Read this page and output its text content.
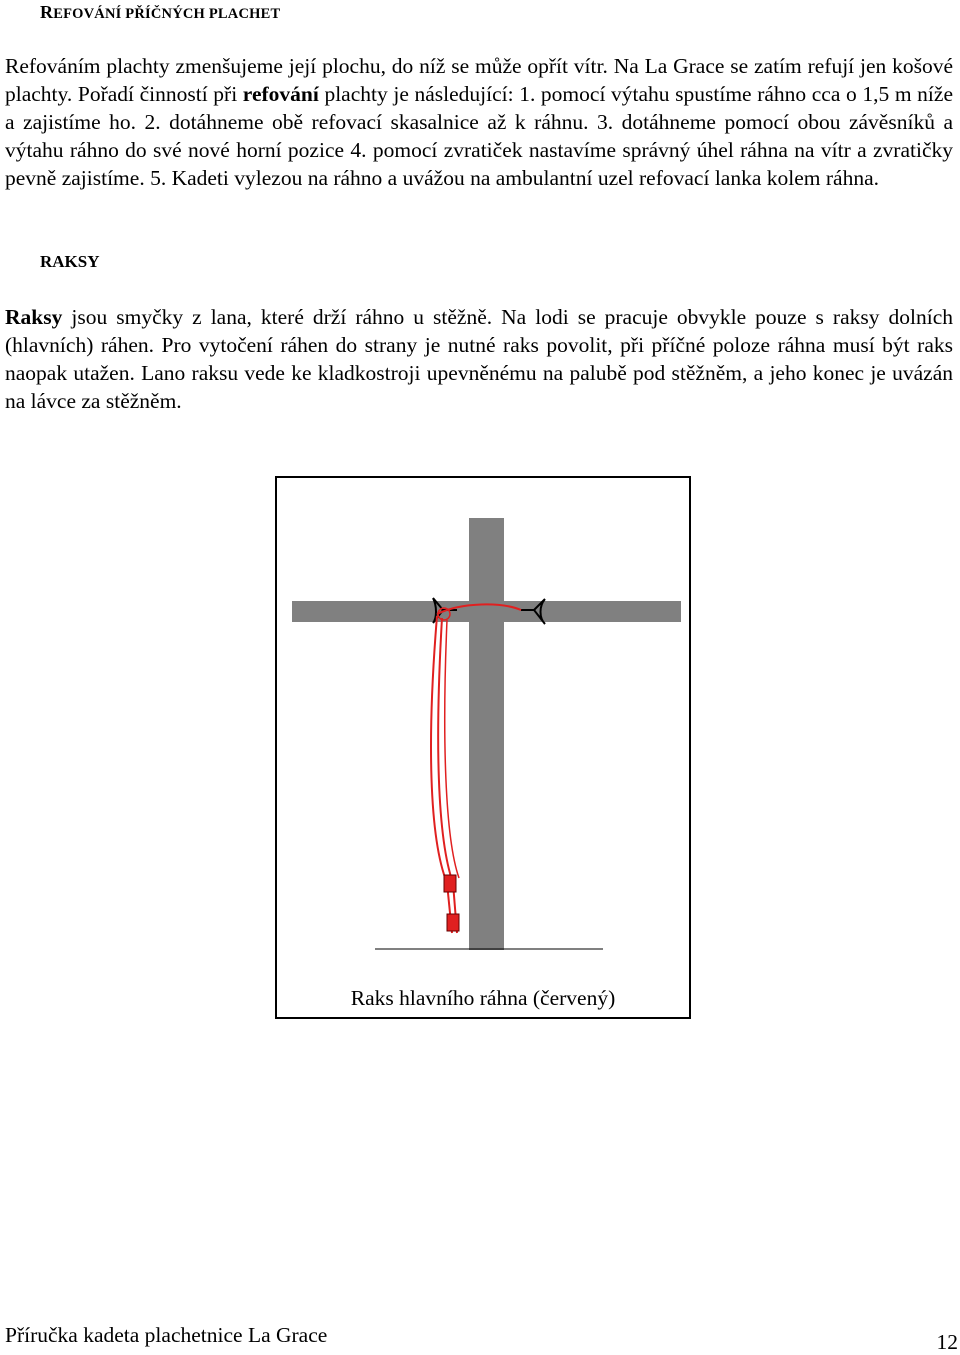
REFOVÁNÍ PŘÍČNÝCH PLACHET
Refováním plachty zmenšujeme její plochu, do níž se může opřít vítr. Na La Grace se zatím refují jen košové plachty. Pořadí činností při refování plachty je následující: 1. pomocí výtahu spustíme ráhno cca o 1,5 m níže a zajistíme ho. 2. dotáhneme obě refovací skasalnice až k ráhnu. 3. dotáhneme pomocí obou závěsníků a výtahu ráhno do své nové horní pozice 4. pomocí zvratiček nastavíme správný úhel ráhna na vítr a zvratičky pevně zajistíme. 5. Kadeti vylezou na ráhno a uvážou na ambulantní uzel refovací lanka kolem ráhna.
RAKSY
Raksy jsou smyčky z lana, které drží ráhno u stěžně. Na lodi se pracuje obvykle pouze s raksy dolních (hlavních) ráhen. Pro vytočení ráhen do strany je nutné raks povolit, při příčné poloze ráhna musí být raks naopak utažen. Lano raksu vede ke kladkostroji upevněnému na palubě pod stěžněm, a jeho konec je uvázán na lávce za stěžněm.
Raks hlavního ráhna (červený)
Příručka kadeta plachetnice La Grace	12
